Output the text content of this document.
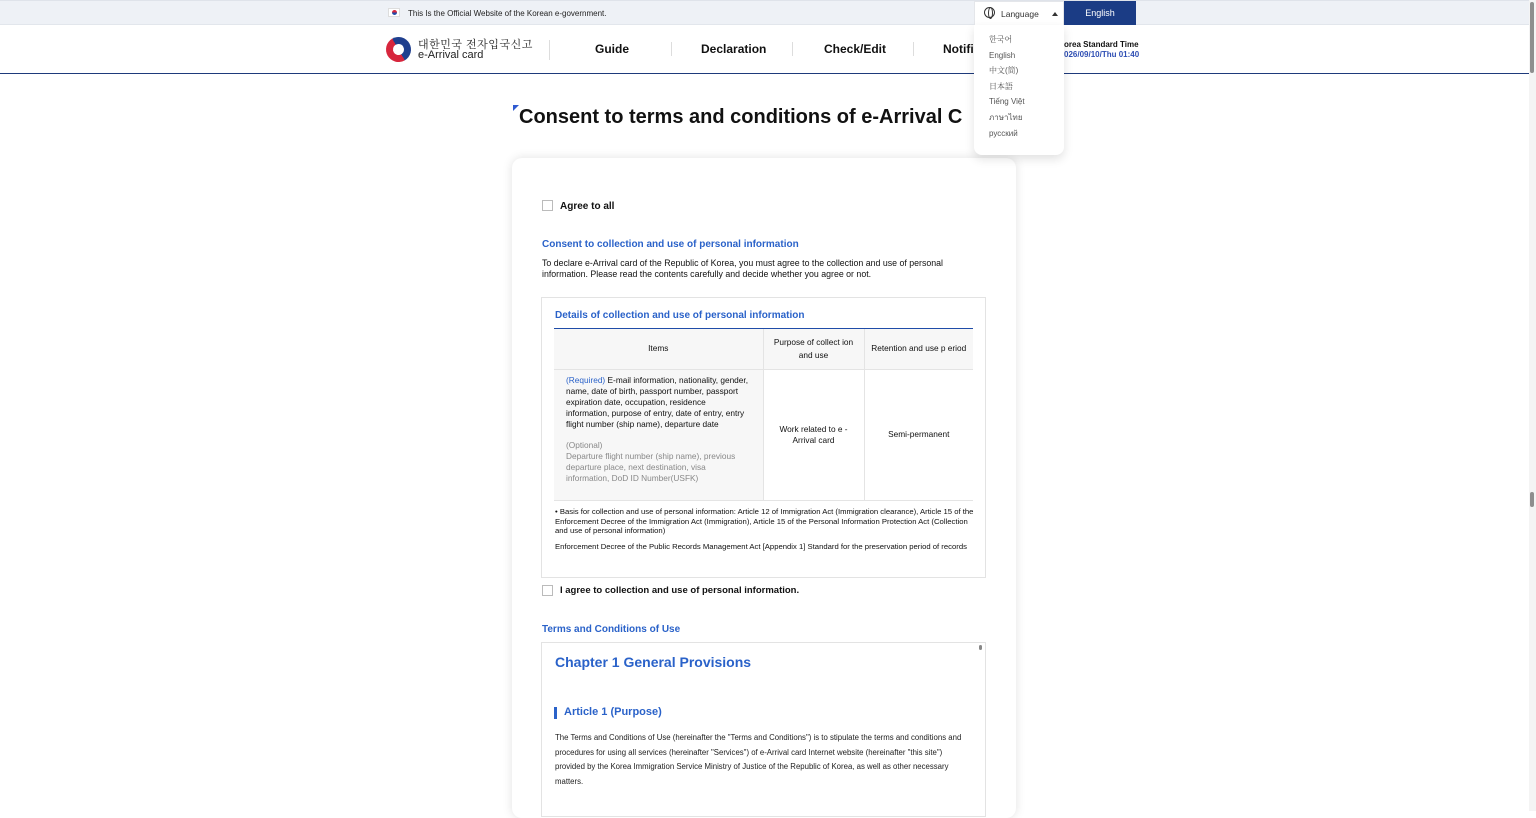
This Is the Official Website of the Korean e-government.	Language	English
한국어
English
中文(简)
日本語
Tiếng Việt
ภาษาไทย
русский
대한민국 전자입국신고
e-Arrival card	Guide	Declaration	Check/Edit	Notifi	orea Standard Time
026/09/10/Thu 01:40
Consent to terms and conditions of e-Arrival C
Agree to all
Consent to collection and use of personal information

To declare e-Arrival card of the Republic of Korea, you must agree to the collection and use of personal information. Please read the contents carefully and decide whether you agree or not.

Details of collection and use of personal information
Items	Purpose of collect ion and use	Retention and use p eriod
(Required) E-mail information, nationality, gender, name, date of birth, passport number, passport expiration date, occupation, residence information, purpose of entry, date of entry, entry flight number (ship name), departure date
(Optional)
Departure flight number (ship name), previous departure place, next destination, visa information, DoD ID Number(USFK)	Work related to e -Arrival card	Semi-permanent

• Basis for collection and use of personal information: Article 12 of Immigration Act (Immigration clearance), Article 15 of the Enforcement Decree of the Immigration Act (Immigration), Article 15 of the Personal Information Protection Act (Collection and use of personal information)

Enforcement Decree of the Public Records Management Act [Appendix 1] Standard for the preservation period of records

I agree to collection and use of personal information.
Terms and Conditions of Use
Chapter 1 General Provisions
Article 1 (Purpose)

The Terms and Conditions of Use (hereinafter the "Terms and Conditions") is to stipulate the terms and conditions and procedures for using all services (hereinafter "Services") of e-Arrival card Internet website (hereinafter "this site") provided by the Korea Immigration Service Ministry of Justice of the Republic of Korea, as well as other necessary matters.
